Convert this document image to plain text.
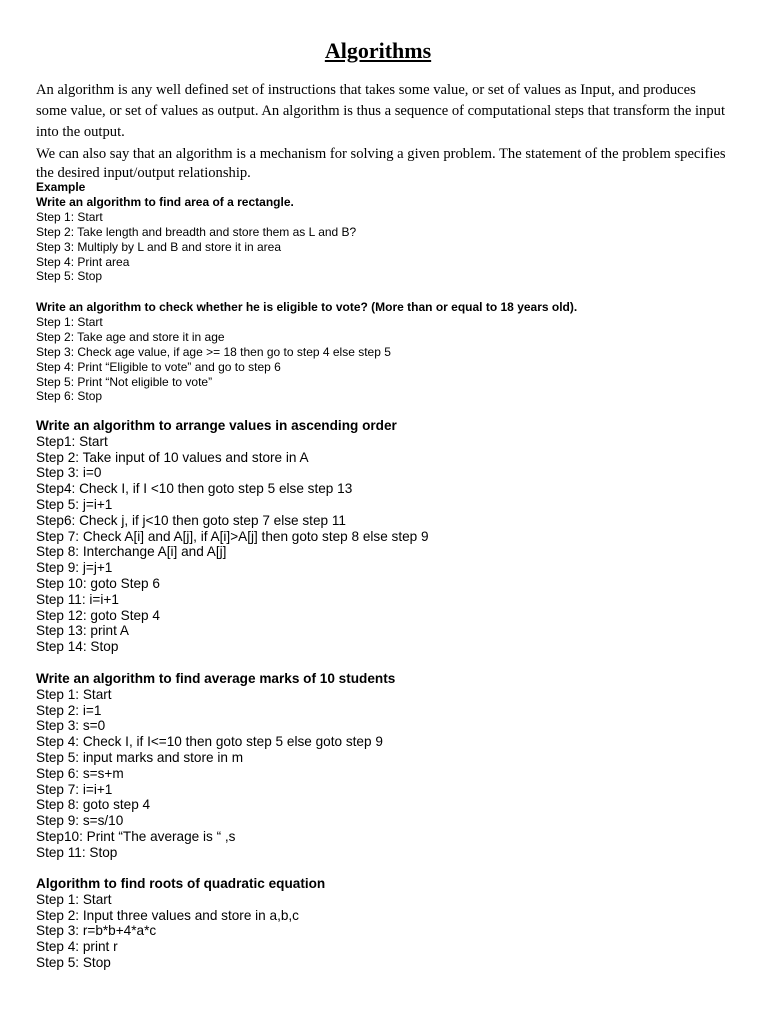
Algorithms

An algorithm is any well defined set of instructions that takes some value, or set of values as Input, and produces some value, or set of values as output. An algorithm is thus a sequence of computational steps that transform the input into the output.

We can also say that an algorithm is a mechanism for solving a given problem. The statement of the problem specifies the desired input/output relationship.

Example
Write an algorithm to find area of a rectangle.
Step 1: Start
Step 2: Take length and breadth and store them as L and B?
Step 3: Multiply by L and B and store it in area
Step 4: Print area
Step 5: Stop
Write an algorithm to check whether he is eligible to vote? (More than or equal to 18 years old).
Step 1: Start
Step 2: Take age and store it in age
Step 3: Check age value, if age >= 18 then go to step 4 else step 5
Step 4: Print “Eligible to vote” and go to step 6
Step 5: Print “Not eligible to vote”
Step 6: Stop
Write an algorithm to arrange values in ascending order
Step1: Start
Step 2: Take input of 10 values and store in A
Step 3: i=0
Step4: Check I, if I <10 then goto step 5 else step 13
Step 5: j=i+1
Step6: Check j, if j<10 then goto step 7 else step 11
Step 7: Check A[i] and A[j], if A[i]>A[j] then goto step 8 else step 9
Step 8: Interchange A[i] and A[j]
Step 9: j=j+1
Step 10: goto Step 6
Step 11: i=i+1
Step 12: goto Step 4
Step 13: print A
Step 14: Stop
Write an algorithm to find average marks of 10 students
Step 1: Start
Step 2: i=1
Step 3: s=0
Step 4: Check I, if I<=10 then goto step 5 else goto step 9
Step 5: input marks and store in m
Step 6: s=s+m
Step 7: i=i+1
Step 8: goto step 4
Step 9: s=s/10
Step10: Print “The average is “ ,s
Step 11: Stop
Algorithm to find roots of quadratic equation
Step 1: Start
Step 2: Input three values and store in a,b,c
Step 3: r=b*b+4*a*c
Step 4: print r
Step 5: Stop
